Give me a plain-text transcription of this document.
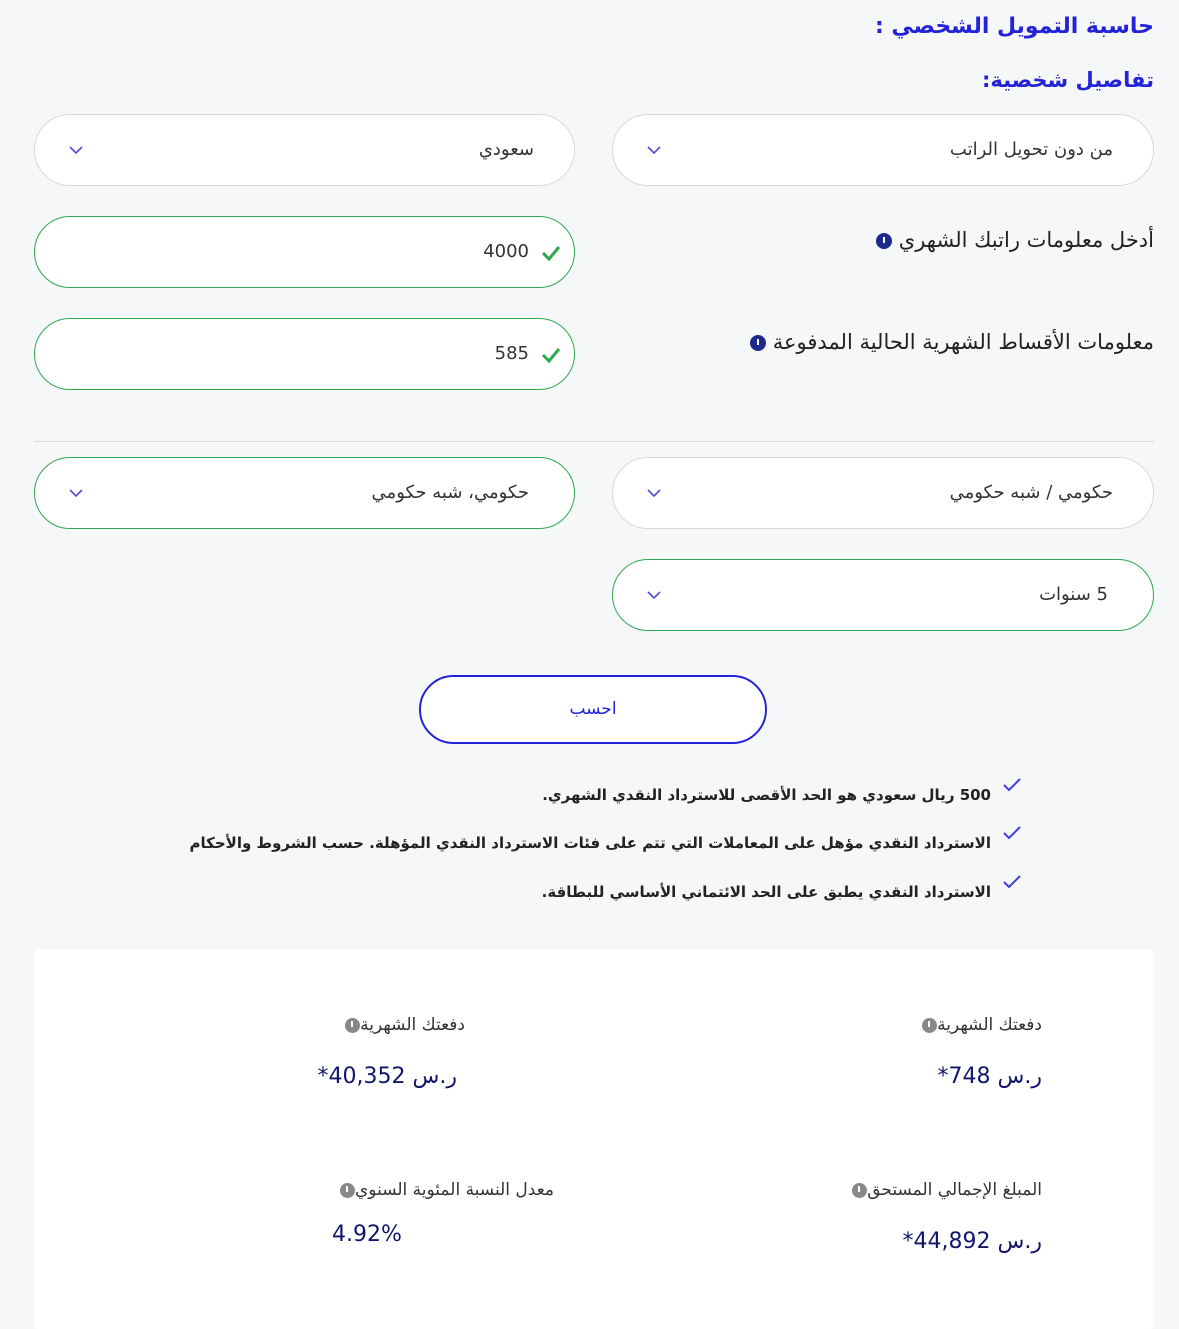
حاسبة التمويل الشخصي :
تفاصيل شخصية:
من دون تحويل الراتب
سعودي
أدخل معلومات راتبك الشهري
4000
معلومات الأقساط الشهرية الحالية المدفوعة
585
حكومي / شبه حكومي
حكومي، شبه حكومي
5 سنوات
احسب
500 ريال سعودي هو الحد الأقصى للاسترداد النقدي الشهري.
الاسترداد النقدي مؤهل على المعاملات التي تتم على فئات الاسترداد النقدي المؤهلة. حسب الشروط والأحكام
الاسترداد النقدي يطبق على الحد الائتماني الأساسي للبطاقة.
دفعتك الشهرية
ر.س 748*
دفعتك الشهرية
ر.س 40,352*
المبلغ الإجمالي المستحق
ر.س 44,892*
معدل النسبة المئوية السنوي
4.92%
